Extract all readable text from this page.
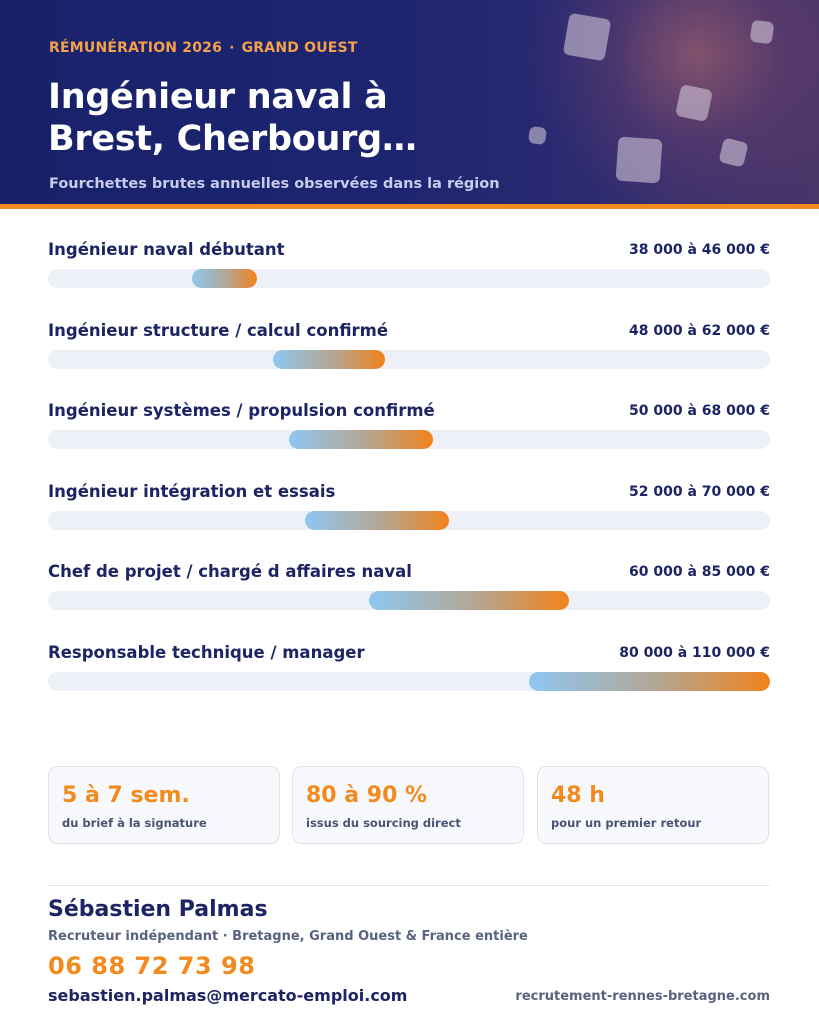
RÉMUNÉRATION 2026 · GRAND OUEST
Ingénieur naval à
Brest, Cherbourg…
Fourchettes brutes annuelles observées dans la région
Ingénieur naval débutant	38 000 à 46 000 €
Ingénieur structure / calcul confirmé	48 000 à 62 000 €
Ingénieur systèmes / propulsion confirmé	50 000 à 68 000 €
Ingénieur intégration et essais	52 000 à 70 000 €
Chef de projet / chargé d affaires naval	60 000 à 85 000 €
Responsable technique / manager	80 000 à 110 000 €
5 à 7 sem.
du brief à la signature
80 à 90 %
issus du sourcing direct
48 h
pour un premier retour
Sébastien Palmas
Recruteur indépendant · Bretagne, Grand Ouest & France entière
06 88 72 73 98
sebastien.palmas@mercato-emploi.com	recrutement-rennes-bretagne.com
